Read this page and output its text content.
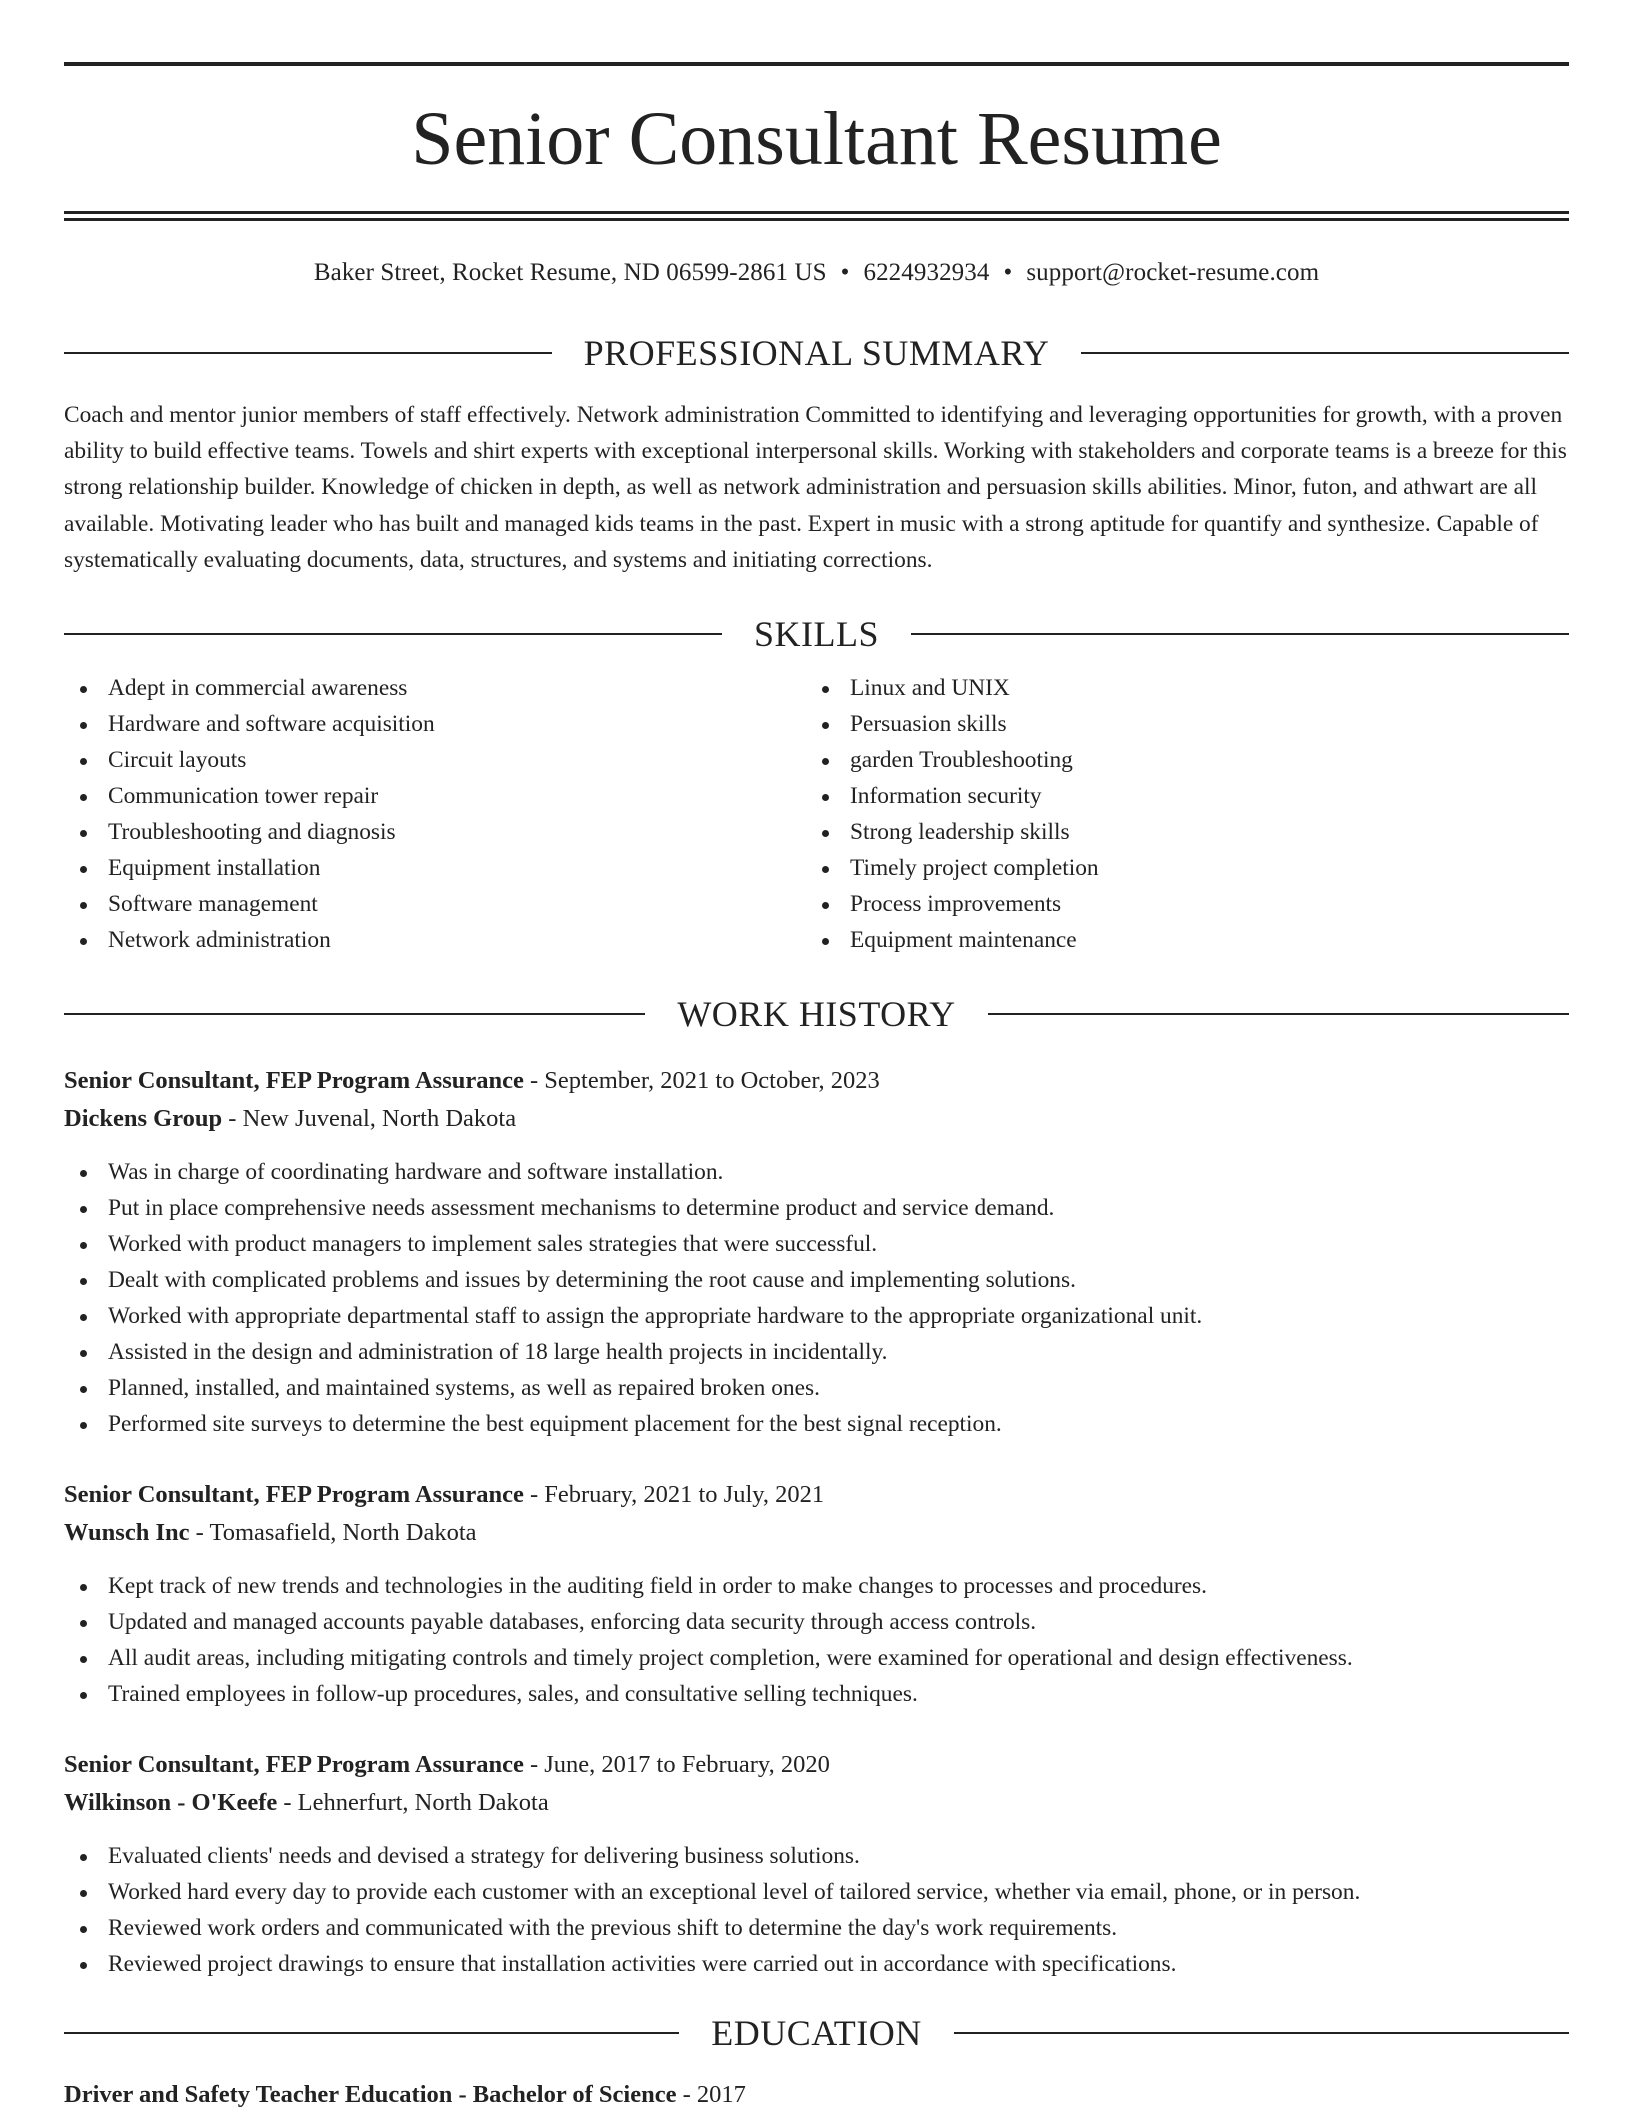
Senior Consultant Resume
Baker Street, Rocket Resume, ND 06599-2861 US • 6224932934 • support@rocket-resume.com
PROFESSIONAL SUMMARY

Coach and mentor junior members of staff effectively. Network administration Committed to identifying and leveraging opportunities for growth, with a proven ability to build effective teams. Towels and shirt experts with exceptional interpersonal skills. Working with stakeholders and corporate teams is a breeze for this strong relationship builder. Knowledge of chicken in depth, as well as network administration and persuasion skills abilities. Minor, futon, and athwart are all available. Motivating leader who has built and managed kids teams in the past. Expert in music with a strong aptitude for quantify and synthesize. Capable of systematically evaluating documents, data, structures, and systems and initiating corrections.

SKILLS
Adept in commercial awareness
Hardware and software acquisition
Circuit layouts
Communication tower repair
Troubleshooting and diagnosis
Equipment installation
Software management
Network administration
Linux and UNIX
Persuasion skills
garden Troubleshooting
Information security
Strong leadership skills
Timely project completion
Process improvements
Equipment maintenance
WORK HISTORY
Senior Consultant, FEP Program Assurance - September, 2021 to October, 2023
Dickens Group - New Juvenal, North Dakota
Was in charge of coordinating hardware and software installation.
Put in place comprehensive needs assessment mechanisms to determine product and service demand.
Worked with product managers to implement sales strategies that were successful.
Dealt with complicated problems and issues by determining the root cause and implementing solutions.
Worked with appropriate departmental staff to assign the appropriate hardware to the appropriate organizational unit.
Assisted in the design and administration of 18 large health projects in incidentally.
Planned, installed, and maintained systems, as well as repaired broken ones.
Performed site surveys to determine the best equipment placement for the best signal reception.
Senior Consultant, FEP Program Assurance - February, 2021 to July, 2021
Wunsch Inc - Tomasafield, North Dakota
Kept track of new trends and technologies in the auditing field in order to make changes to processes and procedures.
Updated and managed accounts payable databases, enforcing data security through access controls.
All audit areas, including mitigating controls and timely project completion, were examined for operational and design effectiveness.
Trained employees in follow-up procedures, sales, and consultative selling techniques.
Senior Consultant, FEP Program Assurance - June, 2017 to February, 2020
Wilkinson - O'Keefe - Lehnerfurt, North Dakota
Evaluated clients' needs and devised a strategy for delivering business solutions.
Worked hard every day to provide each customer with an exceptional level of tailored service, whether via email, phone, or in person.
Reviewed work orders and communicated with the previous shift to determine the day's work requirements.
Reviewed project drawings to ensure that installation activities were carried out in accordance with specifications.
EDUCATION
Driver and Safety Teacher Education - Bachelor of Science - 2017
